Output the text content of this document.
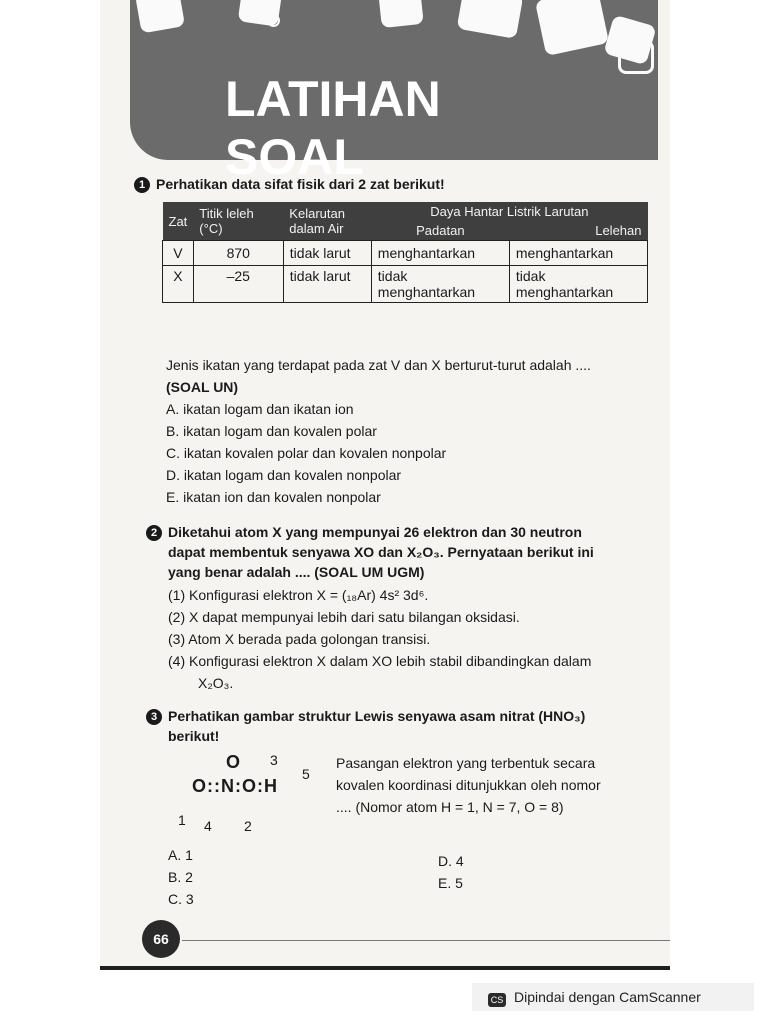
LATIHAN SOAL
1 Perhatikan data sifat fisik dari 2 zat berikut!
Zat	Titik leleh (°C)	Kelarutan dalam Air	Daya Hantar Listrik Larutan	
			Padatan	Lelehan
V	870	tidak larut	menghantarkan	menghantarkan
X	–25	tidak larut	tidak menghantarkan	tidak menghantarkan
Jenis ikatan yang terdapat pada zat V dan X berturut-turut adalah ....
(SOAL UN)
A. ikatan logam dan ikatan ion
B. ikatan logam dan kovalen polar
C. ikatan kovalen polar dan kovalen nonpolar
D. ikatan logam dan kovalen nonpolar
E. ikatan ion dan kovalen nonpolar
2 Diketahui atom X yang mempunyai 26 elektron dan 30 neutron
dapat membentuk senyawa XO dan X₂O₃. Pernyataan berikut ini
yang benar adalah .... (SOAL UM UGM)
(1) Konfigurasi elektron X = (₁₈Ar) 4s² 3d⁶.
(2) X dapat mempunyai lebih dari satu bilangan oksidasi.
(3) Atom X berada pada golongan transisi.
(4) Konfigurasi elektron X dalam XO lebih stabil dibandingkan dalam
X₂O₃.
3 Perhatikan gambar struktur Lewis senyawa asam nitrat (HNO₃)
berikut!
O
O::N:O:H
1	2
3
4
5
Pasangan elektron yang terbentuk secara
kovalen koordinasi ditunjukkan oleh nomor
.... (Nomor atom H = 1, N = 7, O = 8)
A. 1
B. 2
C. 3
D. 4
E. 5
66
CS Dipindai dengan CamScanner
